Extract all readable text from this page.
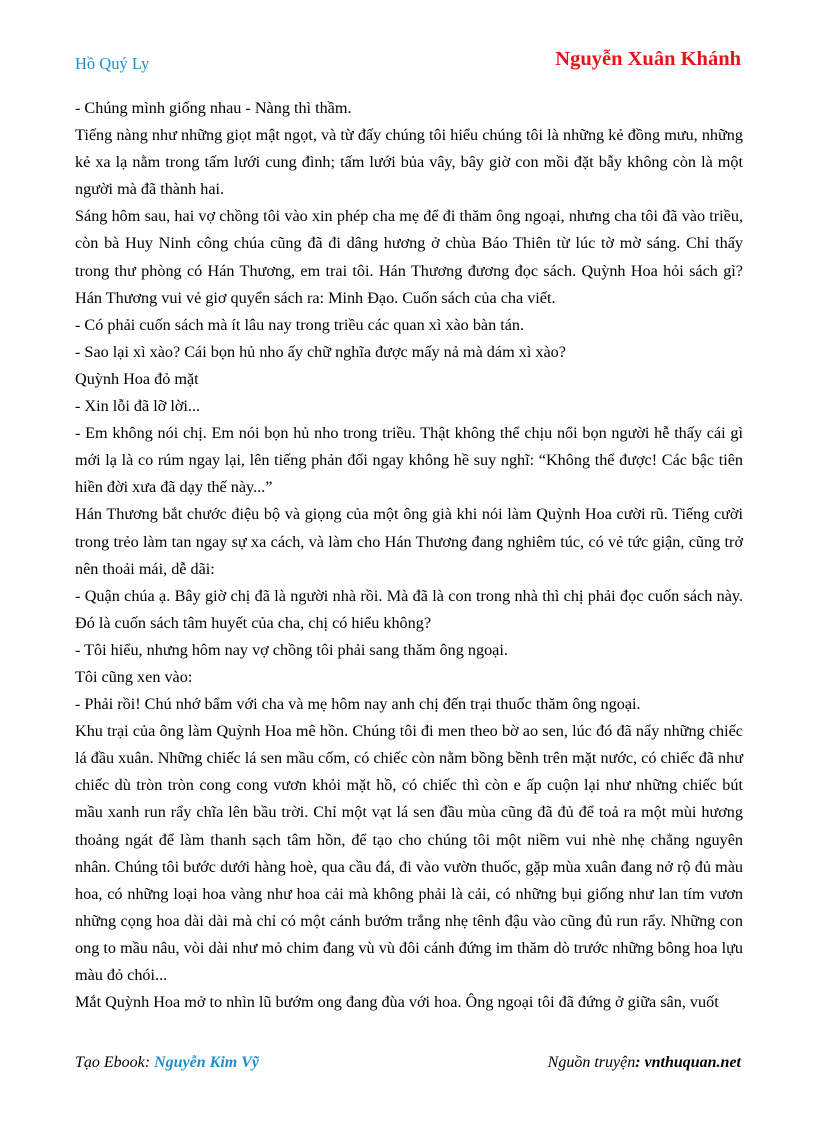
Hồ Quý Ly	Nguyễn Xuân Khánh

- Chúng mình giống nhau - Nàng thì thầm.

Tiếng nàng như những giọt mật ngọt, và từ đấy chúng tôi hiểu chúng tôi là những kẻ đồng mưu, những kẻ xa lạ nằm trong tấm lưới cung đình; tấm lưới bủa vây, bây giờ con mồi đặt bẫy không còn là một người mà đã thành hai.

Sáng hôm sau, hai vợ chồng tôi vào xin phép cha mẹ để đi thăm ông ngoại, nhưng cha tôi đã vào triều, còn bà Huy Ninh công chúa cũng đã đi dâng hương ở chùa Báo Thiên từ lúc tờ mờ sáng. Chỉ thấy trong thư phòng có Hán Thương, em trai tôi. Hán Thương đương đọc sách. Quỳnh Hoa hỏi sách gì? Hán Thương vui vẻ giơ quyển sách ra: Minh Đạo. Cuốn sách của cha viết.

- Có phải cuốn sách mà ít lâu nay trong triều các quan xì xào bàn tán.

- Sao lại xì xào? Cái bọn hủ nho ấy chữ nghĩa được mấy nả mà dám xì xào?

Quỳnh Hoa đỏ mặt

- Xin lỗi đã lỡ lời...

- Em không nói chị. Em nói bọn hủ nho trong triều. Thật không thể chịu nổi bọn người hễ thấy cái gì mới lạ là co rúm ngay lại, lên tiếng phản đối ngay không hề suy nghĩ: “Không thể được! Các bậc tiên hiền đời xưa đã dạy thế này...”

Hán Thương bắt chước điệu bộ và giọng của một ông già khi nói làm Quỳnh Hoa cười rũ. Tiếng cười trong trẻo làm tan ngay sự xa cách, và làm cho Hán Thương đang nghiêm túc, có vẻ tức giận, cũng trở nên thoải mái, dễ dãi:

- Quận chúa ạ. Bây giờ chị đã là người nhà rồi. Mà đã là con trong nhà thì chị phải đọc cuốn sách này. Đó là cuốn sách tâm huyết của cha, chị có hiểu không?

- Tôi hiểu, nhưng hôm nay vợ chồng tôi phải sang thăm ông ngoại.

Tôi cũng xen vào:

- Phải rồi! Chú nhớ bẩm với cha và mẹ hôm nay anh chị đến trại thuốc thăm ông ngoại.

Khu trại của ông làm Quỳnh Hoa mê hồn. Chúng tôi đi men theo bờ ao sen, lúc đó đã nẩy những chiếc lá đầu xuân. Những chiếc lá sen mầu cốm, có chiếc còn nằm bồng bềnh trên mặt nước, có chiếc đã như chiếc dù tròn tròn cong cong vươn khỏi mặt hồ, có chiếc thì còn e ấp cuộn lại như những chiếc bút mầu xanh run rẩy chĩa lên bầu trời. Chỉ một vạt lá sen đầu mùa cũng đã đủ để toả ra một mùi hương thoảng ngát để làm thanh sạch tâm hồn, để tạo cho chúng tôi một niềm vui nhè nhẹ chẳng nguyên nhân. Chúng tôi bước dưới hàng hoè, qua cầu đá, đi vào vườn thuốc, gặp mùa xuân đang nở rộ đủ màu hoa, có những loại hoa vàng như hoa cải mà không phải là cải, có những bụi giống như lan tím vươn những cọng hoa dài dài mà chỉ có một cánh bướm trắng nhẹ tênh đậu vào cũng đủ run rẩy. Những con ong to mầu nâu, vòi dài như mỏ chim đang vù vù đôi cánh đứng im thăm dò trước những bông hoa lựu màu đỏ chói...

Mắt Quỳnh Hoa mở to nhìn lũ bướm ong đang đùa với hoa. Ông ngoại tôi đã đứng ở giữa sân, vuốt

Tạo Ebook: Nguyễn Kim Vỹ	Nguồn truyện: vnthuquan.net
